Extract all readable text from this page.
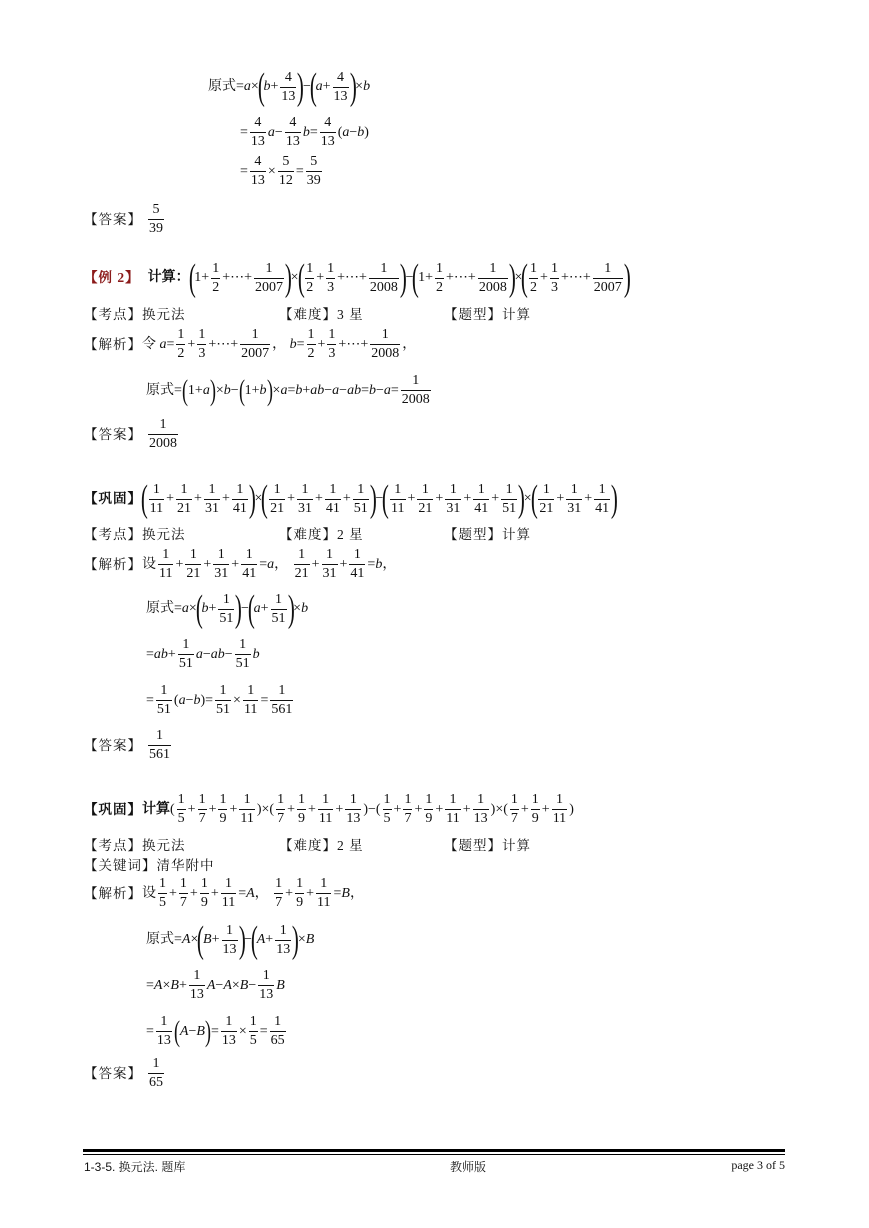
原式 = a ×
(
$b + \frac{4}{13}$ )
−
(
$a + \frac{4}{13}$ )
× b
= $\frac{4}{13}$ $a - \frac{4}{13}$ $b = \frac{4}{13}$ ( a − b )
= $\frac{4}{13} \times \frac{5}{12} = \frac{5}{39}$
【答案】 $\frac{5}{39}$
【例 2】 计算：
(
$1+ \frac{1}{2}$ +⋯+ $\frac{1}{2007}$ )
×
( $\frac{1}{2} + \frac{1}{3}$ +⋯+ $\frac{1}{2008}$ )
−
(
$1+ \frac{1}{2}$ +⋯+ $\frac{1}{2008}$ )
×
( $\frac{1}{2} + \frac{1}{3}$ +⋯+ $\frac{1}{2007}$ )
【考点】换元法	【难度】3 星	【题型】计算
【解析】 令 $a = \frac{1}{2} + \frac{1}{3}$ +⋯+ $\frac{1}{2007}$ ，
$b = \frac{1}{2} + \frac{1}{3}$ +⋯+ $\frac{1}{2008}$ ，
原式 = ( 1+ a ) × b − ( 1+ b ) × a = b + ab − a − ab = $b - a = \frac{1}{2008}$
【答案】 $\frac{1}{2008}$
【巩固】
( $\frac{1}{11} + \frac{1}{21} + \frac{1}{31} + \frac{1}{41}$ )
×
( $\frac{1}{21} + \frac{1}{31} + \frac{1}{41} + \frac{1}{51}$ )
−
( $\frac{1}{11} + \frac{1}{21} + \frac{1}{31} + \frac{1}{41} + \frac{1}{51}$ )
×
( $\frac{1}{21} + \frac{1}{31} + \frac{1}{41}$ )
【考点】换元法	【难度】2 星	【题型】计算
【解析】 设 $\frac{1}{11} + \frac{1}{21} + \frac{1}{31} + \frac{1}{41} = a$ ，
$\frac{1}{21} + \frac{1}{31} + \frac{1}{41} = b$ ，
原式 = a ×
(
$b + \frac{1}{51}$ )
−
(
$a + \frac{1}{51}$ )
× b
= ab + $\frac{1}{51}$ a − ab − $\frac{1}{51}$ b
= $\frac{1}{51}$ ( a − b )= $\frac{1}{51} \times \frac{1}{11} = \frac{1}{561}$
【答案】 $\frac{1}{561}$
【巩固】 计算 ( $\frac{1}{5} + \frac{1}{7} + \frac{1}{9} + \frac{1}{11}$ )×( $\frac{1}{7} + \frac{1}{9} + \frac{1}{11} + \frac{1}{13}$ )−( $\frac{1}{5} + \frac{1}{7} + \frac{1}{9} + \frac{1}{11} + \frac{1}{13}$ )×( $\frac{1}{7} + \frac{1}{9} + \frac{1}{11}$ )
【考点】换元法	【难度】2 星	【题型】计算
【关键词】清华附中
【解析】 设 $\frac{1}{5} + \frac{1}{7} + \frac{1}{9} + \frac{1}{11} = A$ ，
$\frac{1}{7} + \frac{1}{9} + \frac{1}{11} = B$ ，
原式 = A ×
(
$B + \frac{1}{13}$ )
−
(
$A + \frac{1}{13}$ )
× B
= $A \times B + \frac{1}{13}$ $A - A \times B - \frac{1}{13}$ B
= $\frac{1}{13}$ ( A − B ) = $\frac{1}{13} \times \frac{1}{5} = \frac{1}{65}$
【答案】 $\frac{1}{65}$
1-3-5. 换元法. 题库	教师版	page 3 of 5
